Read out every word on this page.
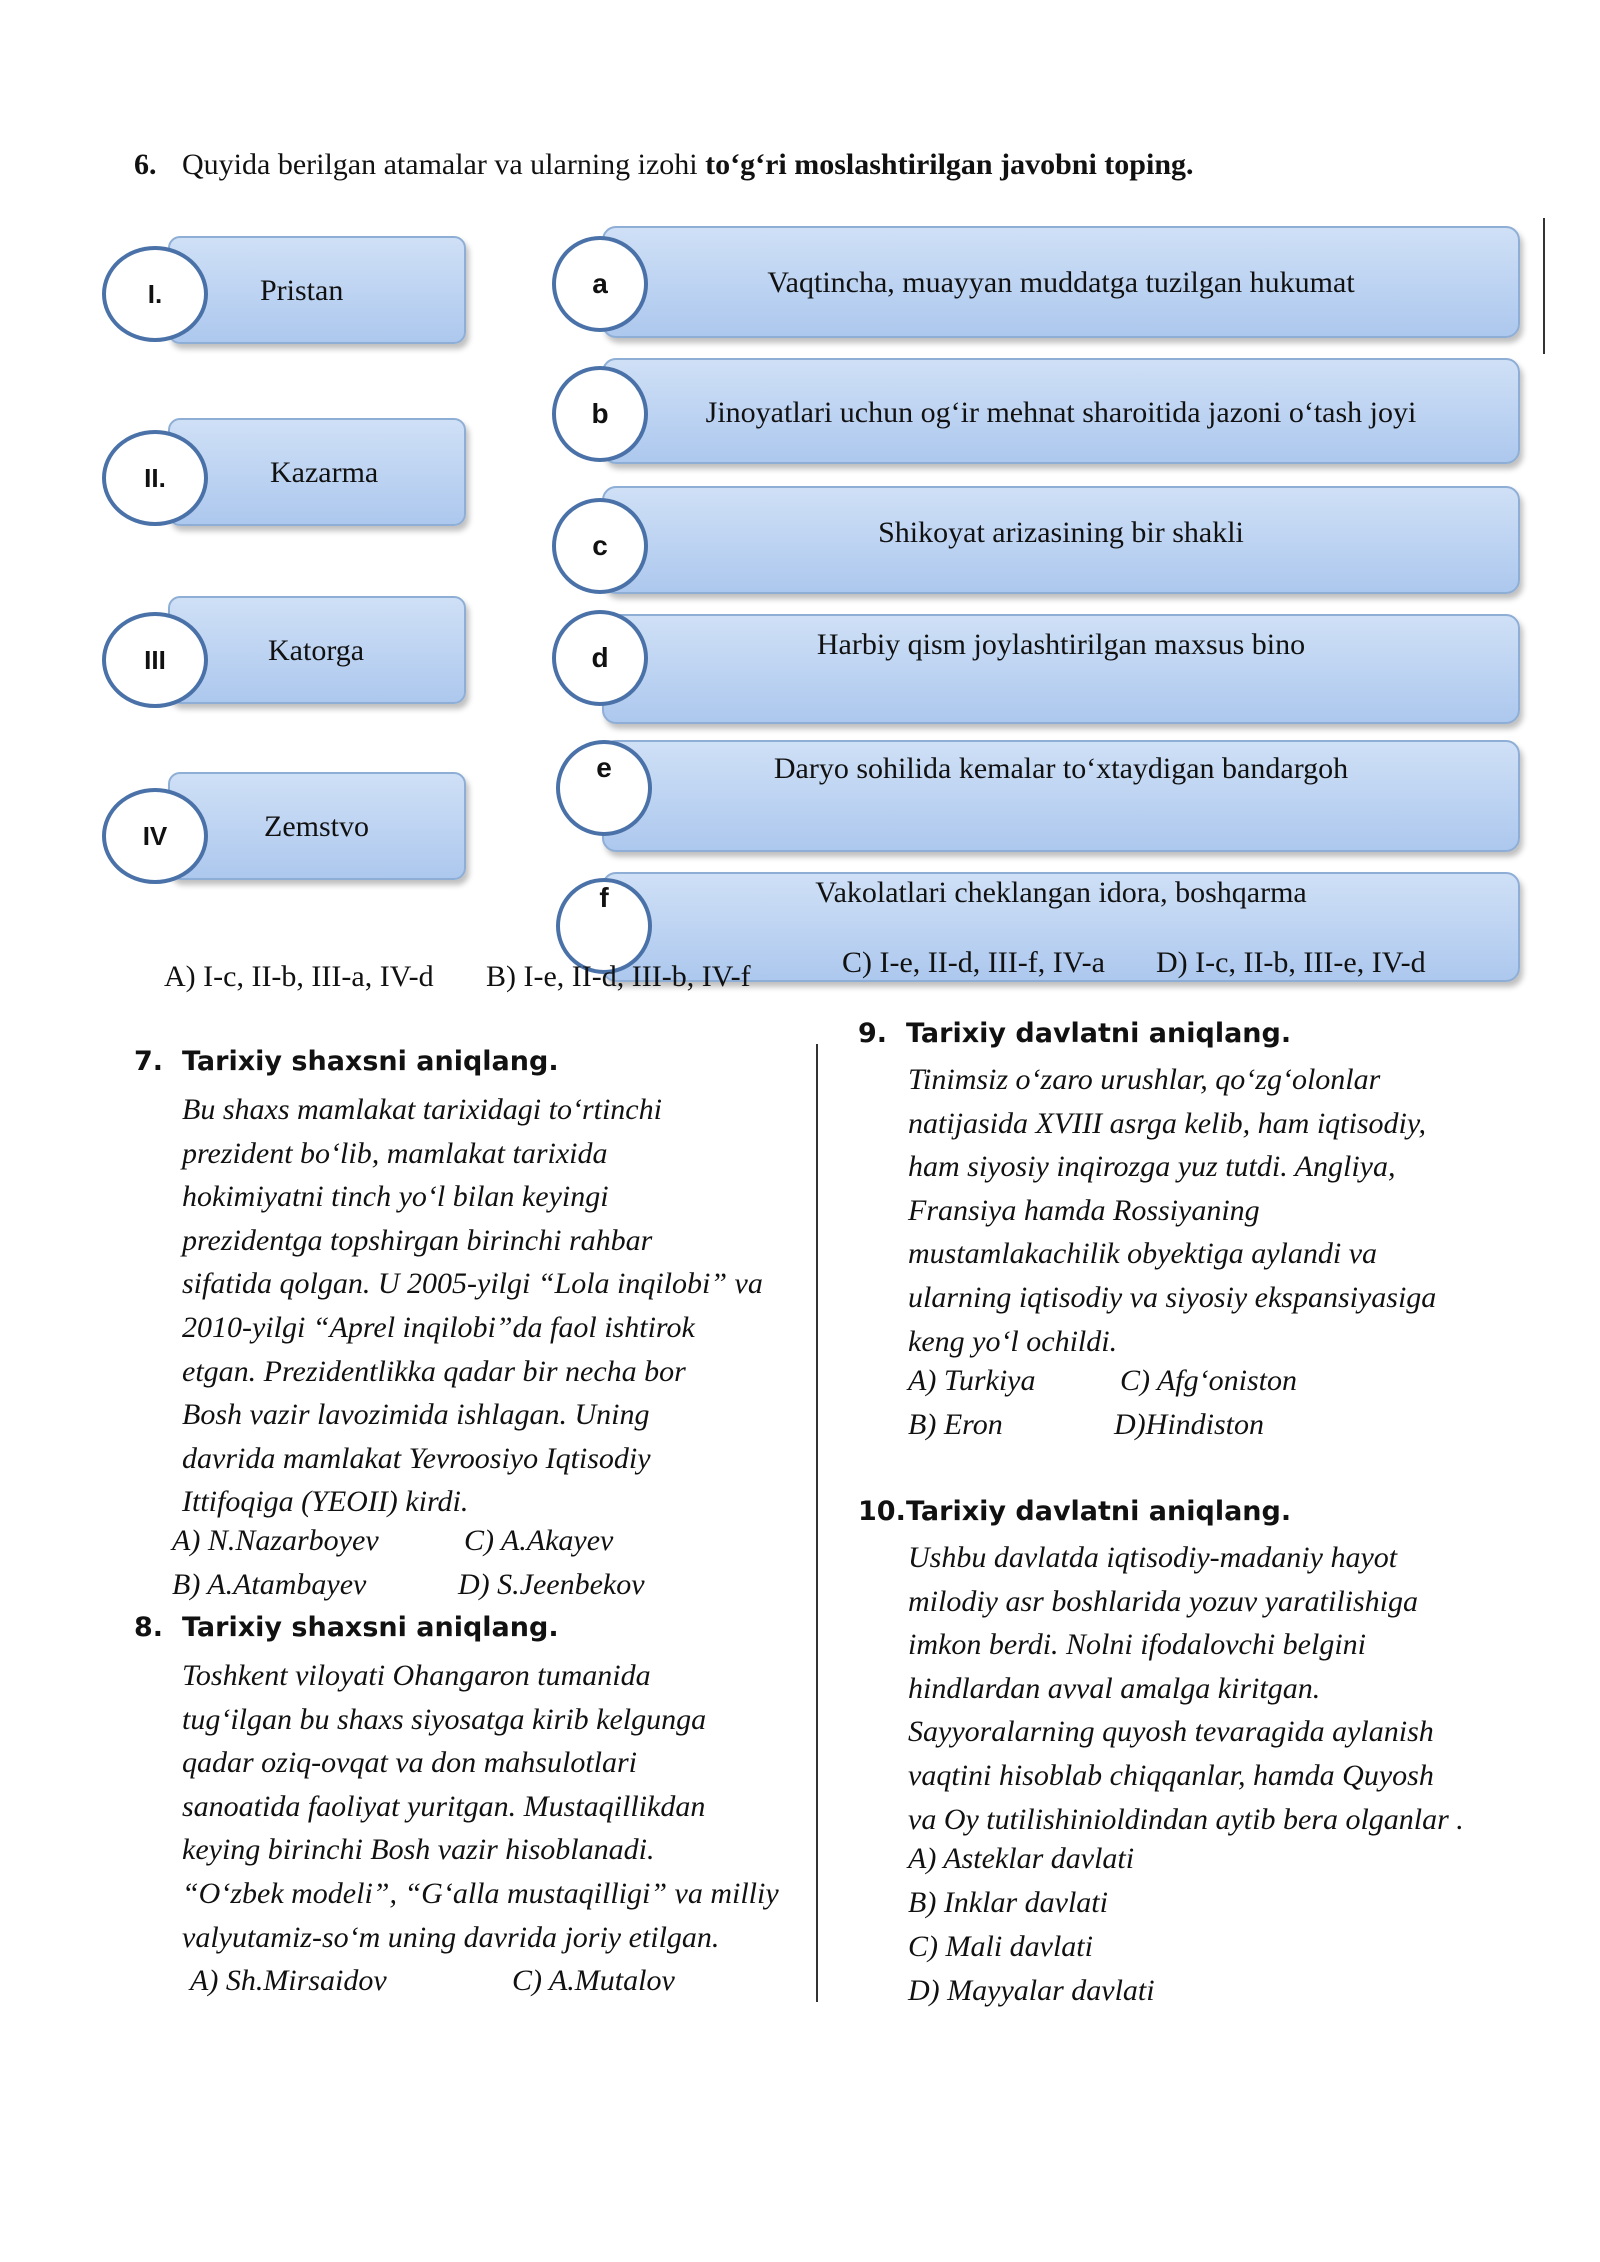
6. Quyida berilgan atamalar va ularning izohi to‘g‘ri moslashtirilgan javobni toping.
Pristan
I.
Kazarma
II.
Katorga
III
Zemstvo
IV
Vaqtincha, muayyan muddatga tuzilgan hukumat
a
Jinoyatlari uchun og‘ir mehnat sharoitida jazoni o‘tash joyi
b
Shikoyat arizasining bir shakli
c
Harbiy qism joylashtirilgan maxsus bino
d
Daryo sohilida kemalar to‘xtaydigan bandargoh
e
Vakolatlari cheklangan idora, boshqarma
f
A) I-c, II-b, III-a, IV-d B) I-e, II-d, III-b, IV-f	C) I-e, II-d, III-f, IV-a D) I-c, II-b, III-e, IV-d
7. Tarixiy shaxsni aniqlang.
Bu shaxs mamlakat tarixidagi to‘rtinchi
prezident bo‘lib, mamlakat tarixida
hokimiyatni tinch yo‘l bilan keyingi
prezidentga topshirgan birinchi rahbar
sifatida qolgan. U 2005-yilgi “Lola inqilobi” va
2010-yilgi “Aprel inqilobi”da faol ishtirok
etgan. Prezidentlikka qadar bir necha bor
Bosh vazir lavozimida ishlagan. Uning
davrida mamlakat Yevroosiyo Iqtisodiy
Ittifoqiga (YEOII) kirdi.
A) N.Nazarboyev	C) A.Akayev
B) A.Atambayev	D) S.Jeenbekov
8. Tarixiy shaxsni aniqlang.
Toshkent viloyati Ohangaron tumanida
tug‘ilgan bu shaxs siyosatga kirib kelgunga
qadar oziq-ovqat va don mahsulotlari
sanoatida faoliyat yuritgan. Mustaqillikdan
keying birinchi Bosh vazir hisoblanadi.
“O‘zbek modeli”, “G‘alla mustaqilligi” va milliy
valyutamiz-so‘m uning davrida joriy etilgan.
A) Sh.Mirsaidov	C) A.Mutalov
9. Tarixiy davlatni aniqlang.
Tinimsiz o‘zaro urushlar, qo‘zg‘olonlar
natijasida XVIII asrga kelib, ham iqtisodiy,
ham siyosiy inqirozga yuz tutdi. Angliya,
Fransiya hamda Rossiyaning
mustamlakachilik obyektiga aylandi va
ularning iqtisodiy va siyosiy ekspansiyasiga
keng yo‘l ochildi.
A) Turkiya	C) Afg‘oniston
B) Eron	D)Hindiston
10.Tarixiy davlatni aniqlang.
Ushbu davlatda iqtisodiy-madaniy hayot
milodiy asr boshlarida yozuv yaratilishiga
imkon berdi. Nolni ifodalovchi belgini
hindlardan avval amalga kiritgan.
Sayyoralarning quyosh tevaragida aylanish
vaqtini hisoblab chiqqanlar, hamda Quyosh
va Oy tutilishinioldindan aytib bera olganlar .
A) Asteklar davlati
B) Inklar davlati
C) Mali davlati
D) Mayyalar davlati
